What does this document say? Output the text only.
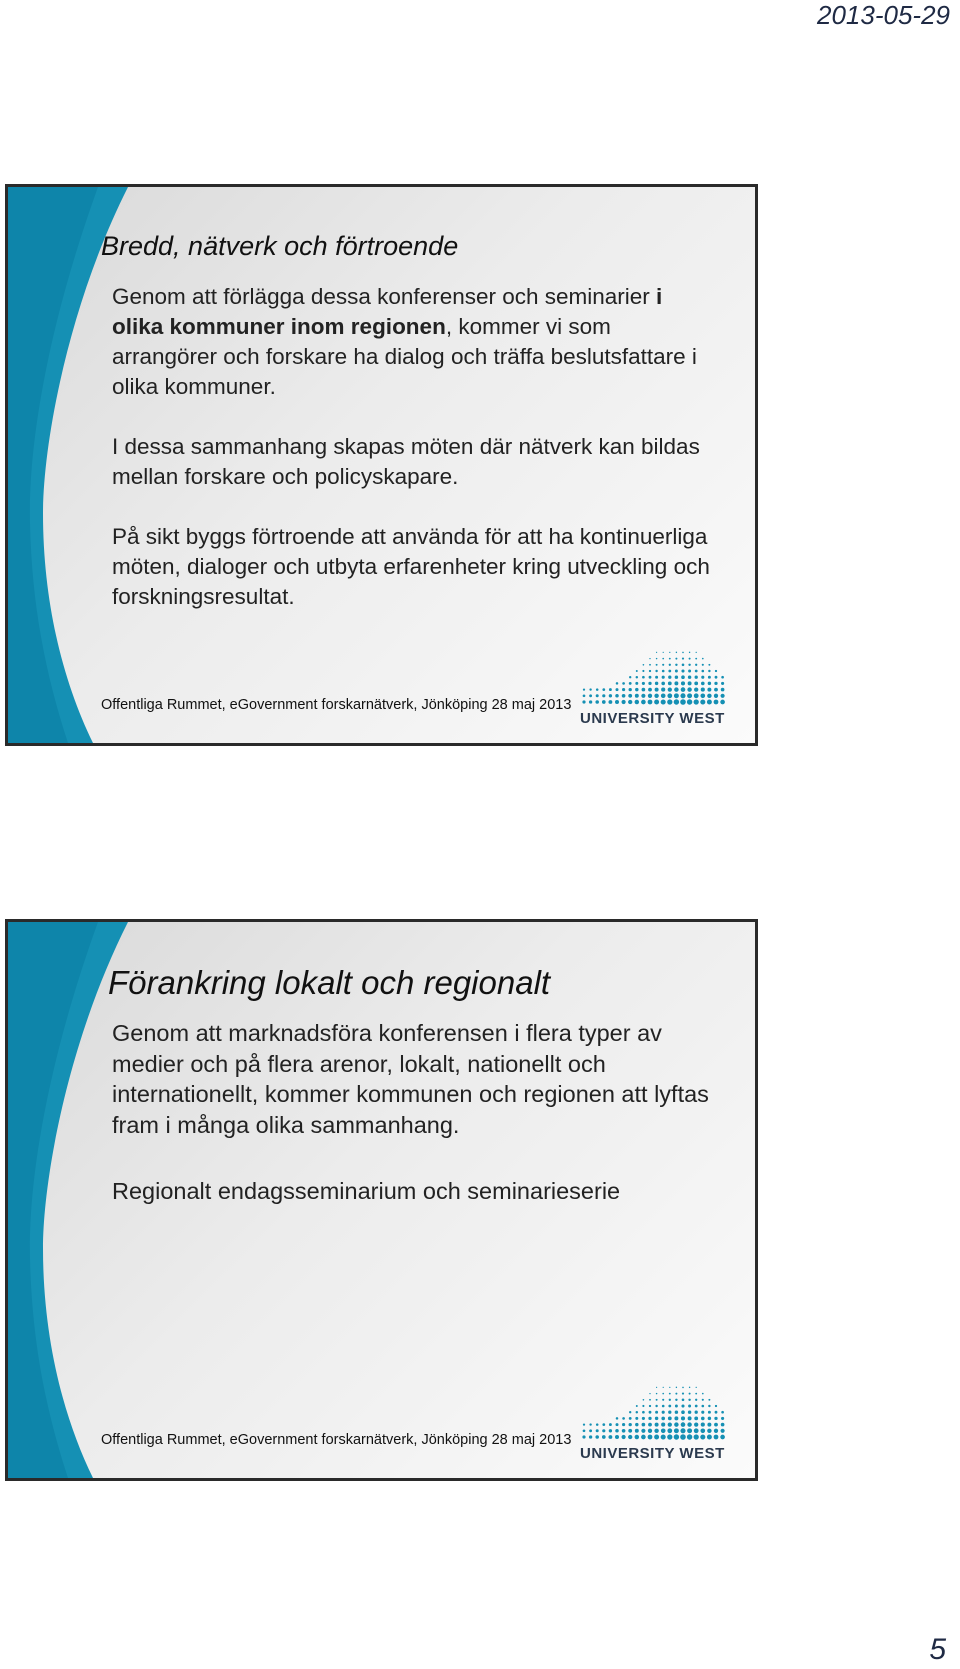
2013-05-29
Bredd, nätverk och förtroende

Genom att förlägga dessa konferenser och seminarier i olika kommuner inom regionen, kommer vi som arrangörer och forskare ha dialog och träffa beslutsfattare i olika kommuner.

I dessa sammanhang skapas möten där nätverk kan bildas mellan forskare och policyskapare.

På sikt byggs förtroende att använda för att ha kontinuerliga möten, dialoger och utbyta erfarenheter kring utveckling och forskningsresultat.

Offentliga Rummet, eGovernment forskarnätverk, Jönköping 28 maj 2013
UNIVERSITY WEST
Förankring lokalt och regionalt

Genom att marknadsföra konferensen i flera typer av medier och på flera arenor, lokalt, nationellt och internationellt, kommer kommunen och regionen att lyftas fram i många olika sammanhang.

Regionalt endagsseminarium och seminarieserie

Offentliga Rummet, eGovernment forskarnätverk, Jönköping 28 maj 2013
UNIVERSITY WEST
5
